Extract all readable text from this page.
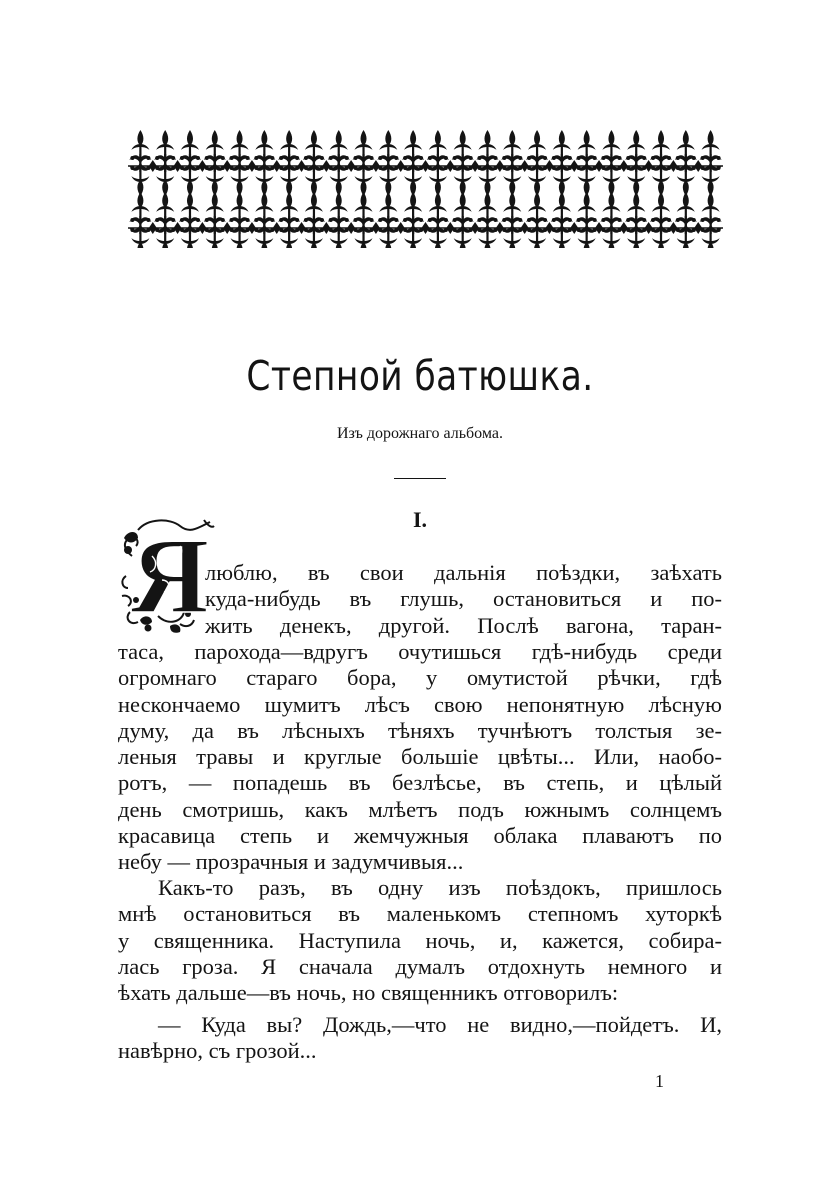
Степной батюшка.
Изъ дорожнаго альбома.
I.
Я
люблю, въ свои дальнія поѣздки, заѣхать
куда-нибудь въ глушь, остановиться и по-
жить денекъ, другой. Послѣ вагона, таран-
таса, парохода—вдругъ очутишься гдѣ-нибудь среди
огромнаго стараго бора, у омутистой рѣчки, гдѣ
нескончаемо шумитъ лѣсъ свою непонятную лѣсную
думу, да въ лѣсныхъ тѣняхъ тучнѣютъ толстыя зе-
леныя травы и круглые большіе цвѣты... Или, наобо-
ротъ, — попадешь въ безлѣсье, въ степь, и цѣлый
день смотришь, какъ млѣетъ подъ южнымъ солнцемъ
красавица степь и жемчужныя облака плаваютъ по
небу — прозрачныя и задумчивыя...
Какъ-то разъ, въ одну изъ поѣздокъ, пришлось
мнѣ остановиться въ маленькомъ степномъ хуторкѣ
у священника. Наступила ночь, и, кажется, собира-
лась гроза. Я сначала думалъ отдохнуть немного и
ѣхать дальше—въ ночь, но священникъ отговорилъ:
— Куда вы? Дождь,—что не видно,—пойдетъ. И,
навѣрно, съ грозой...
1
